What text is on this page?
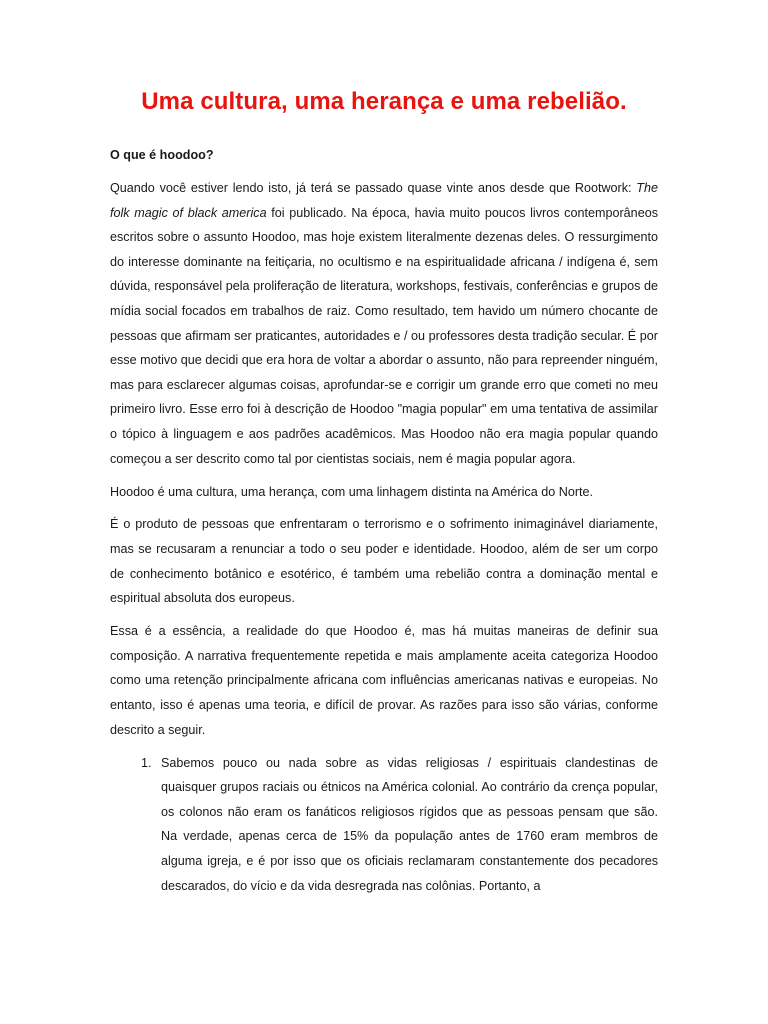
Uma cultura, uma herança e uma rebelião.

O que é hoodoo?

Quando você estiver lendo isto, já terá se passado quase vinte anos desde que Rootwork: The folk magic of black america foi publicado. Na época, havia muito poucos livros contemporâneos escritos sobre o assunto Hoodoo, mas hoje existem literalmente dezenas deles. O ressurgimento do interesse dominante na feitiçaria, no ocultismo e na espiritualidade africana / indígena é, sem dúvida, responsável pela proliferação de literatura, workshops, festivais, conferências e grupos de mídia social focados em trabalhos de raiz. Como resultado, tem havido um número chocante de pessoas que afirmam ser praticantes, autoridades e / ou professores desta tradição secular. É por esse motivo que decidi que era hora de voltar a abordar o assunto, não para repreender ninguém, mas para esclarecer algumas coisas, aprofundar-se e corrigir um grande erro que cometi no meu primeiro livro. Esse erro foi à descrição de Hoodoo "magia popular" em uma tentativa de assimilar o tópico à linguagem e aos padrões acadêmicos. Mas Hoodoo não era magia popular quando começou a ser descrito como tal por cientistas sociais, nem é magia popular agora.

Hoodoo é uma cultura, uma herança, com uma linhagem distinta na América do Norte.

É o produto de pessoas que enfrentaram o terrorismo e o sofrimento inimaginável diariamente, mas se recusaram a renunciar a todo o seu poder e identidade. Hoodoo, além de ser um corpo de conhecimento botânico e esotérico, é também uma rebelião contra a dominação mental e espiritual absoluta dos europeus.

Essa é a essência, a realidade do que Hoodoo é, mas há muitas maneiras de definir sua composição. A narrativa frequentemente repetida e mais amplamente aceita categoriza Hoodoo como uma retenção principalmente africana com influências americanas nativas e europeias. No entanto, isso é apenas uma teoria, e difícil de provar. As razões para isso são várias, conforme descrito a seguir.

1. Sabemos pouco ou nada sobre as vidas religiosas / espirituais clandestinas de quaisquer grupos raciais ou étnicos na América colonial. Ao contrário da crença popular, os colonos não eram os fanáticos religiosos rígidos que as pessoas pensam que são. Na verdade, apenas cerca de 15% da população antes de 1760 eram membros de alguma igreja, e é por isso que os oficiais reclamaram constantemente dos pecadores descarados, do vício e da vida desregrada nas colônias. Portanto, a
